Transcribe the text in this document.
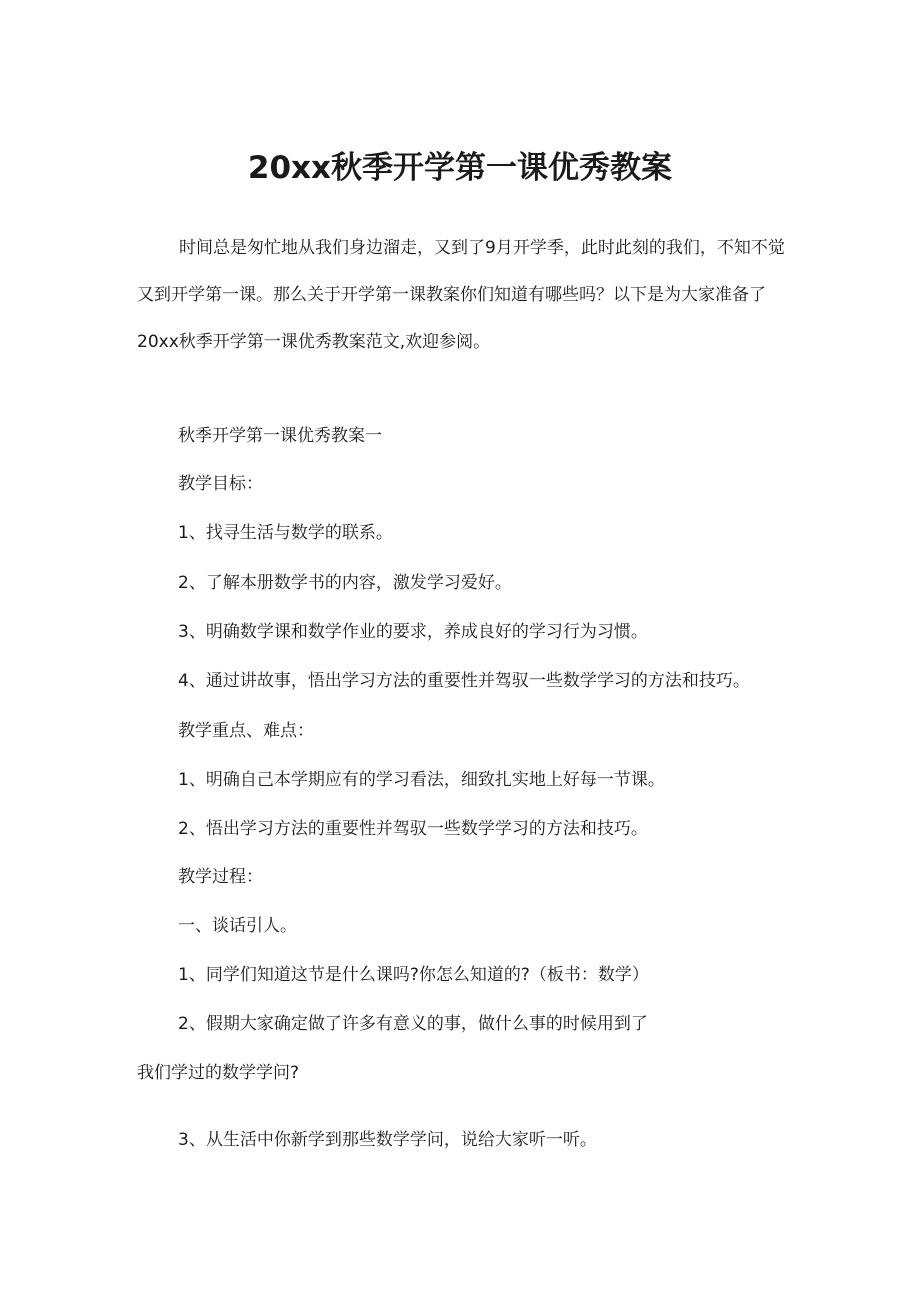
20xx秋季开学第一课优秀教案

时间总是匆忙地从我们身边溜走，又到了9月开学季，此时此刻的我们，不知不觉又到开学第一课。那么关于开学第一课教案你们知道有哪些吗？以下是为大家准备了20xx秋季开学第一课优秀教案范文,欢迎参阅。

秋季开学第一课优秀教案一

教学目标：

1、找寻生活与数学的联系。

2、了解本册数学书的内容，激发学习爱好。

3、明确数学课和数学作业的要求，养成良好的学习行为习惯。

4、通过讲故事，悟出学习方法的重要性并驾驭一些数学学习的方法和技巧。

教学重点、难点：

1、明确自己本学期应有的学习看法，细致扎实地上好每一节课。

2、悟出学习方法的重要性并驾驭一些数学学习的方法和技巧。

教学过程：

一、谈话引人。

1、同学们知道这节是什么课吗?你怎么知道的?（板书：数学）

2、假期大家确定做了许多有意义的事，做什么事的时候用到了

我们学过的数学学问?

3、从生活中你新学到那些数学学问，说给大家听一听。
